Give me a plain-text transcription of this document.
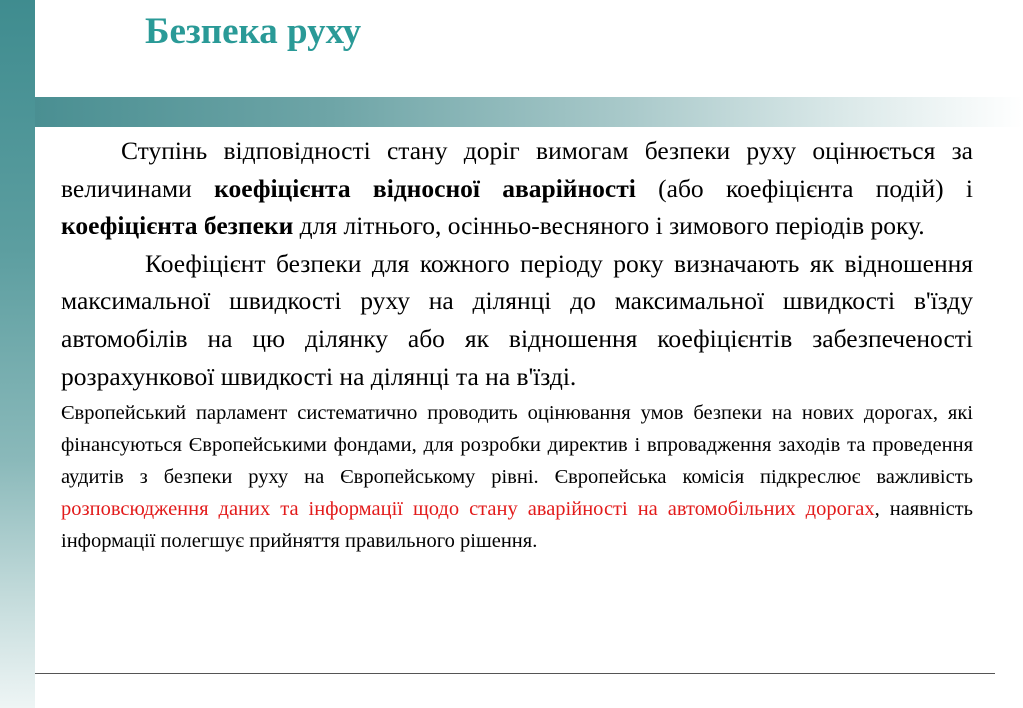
Безпека руху

Ступінь відповідності стану доріг вимогам безпеки руху оцінюється за величинами коефіцієнта відносної аварійності (або коефіцієнта подій) і коефіцієнта безпеки для літнього, осінньо-весняного і зимового періодів року.

Коефіцієнт безпеки для кожного періоду року визначають як відношення максимальної швидкості руху на ділянці до максимальної швидкості в'їзду автомобілів на цю ділянку або як відношення коефіцієнтів забезпеченості розрахункової швидкості на ділянці та на в'їзді.

Європейський парламент систематично проводить оцінювання умов безпеки на нових дорогах, які фінансуються Європейськими фондами, для розробки директив і впровадження заходів та проведення аудитів з безпеки руху на Європейському рівні. Європейська комісія підкреслює важливість розповсюдження даних та інформації щодо стану аварійності на автомобільних дорогах, наявність інформації полегшує прийняття правильного рішення.
